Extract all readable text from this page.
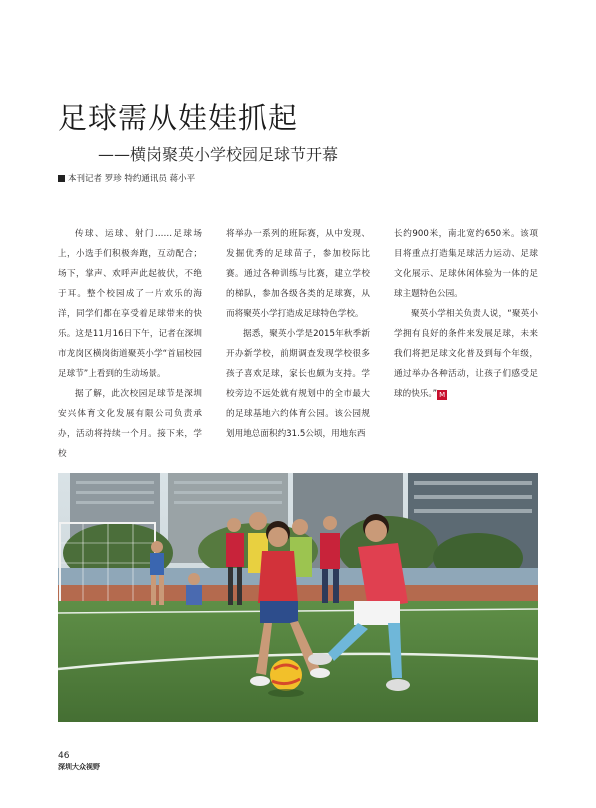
足球需从娃娃抓起
——横岗聚英小学校园足球节开幕
本刊记者 罗珍 特约通讯员 蒋小平

传球、运球、射门……足球场上，小选手们积极奔跑，互动配合；场下，掌声、欢呼声此起彼伏，不绝于耳。整个校园成了一片欢乐的海洋，同学们都在享受着足球带来的快乐。这是11月16日下午，记者在深圳市龙岗区横岗街道聚英小学“首届校园足球节”上看到的生动场景。

据了解，此次校园足球节是深圳安兴体育文化发展有限公司负责承办，活动将持续一个月。接下来，学校

将举办一系列的班际赛，从中发现、发掘优秀的足球苗子，参加校际比赛。通过各种训练与比赛，建立学校的梯队，参加各级各类的足球赛，从而将聚英小学打造成足球特色学校。

据悉，聚英小学是2015年秋季新开办新学校，前期调查发现学校很多孩子喜欢足球，家长也颇为支持。学校旁边不远处就有规划中的全市最大的足球基地六约体育公园。该公园规划用地总面积约31.5公顷，用地东西

长约900米，南北宽约650米。该项目将重点打造集足球活力运动、足球文化展示、足球休闲体验为一体的足球主题特色公园。

聚英小学相关负责人说，“聚英小学拥有良好的条件来发展足球，未来我们将把足球文化普及到每个年级，通过举办各种活动，让孩子们感受足球的快乐。” M

46
深圳大众视野
